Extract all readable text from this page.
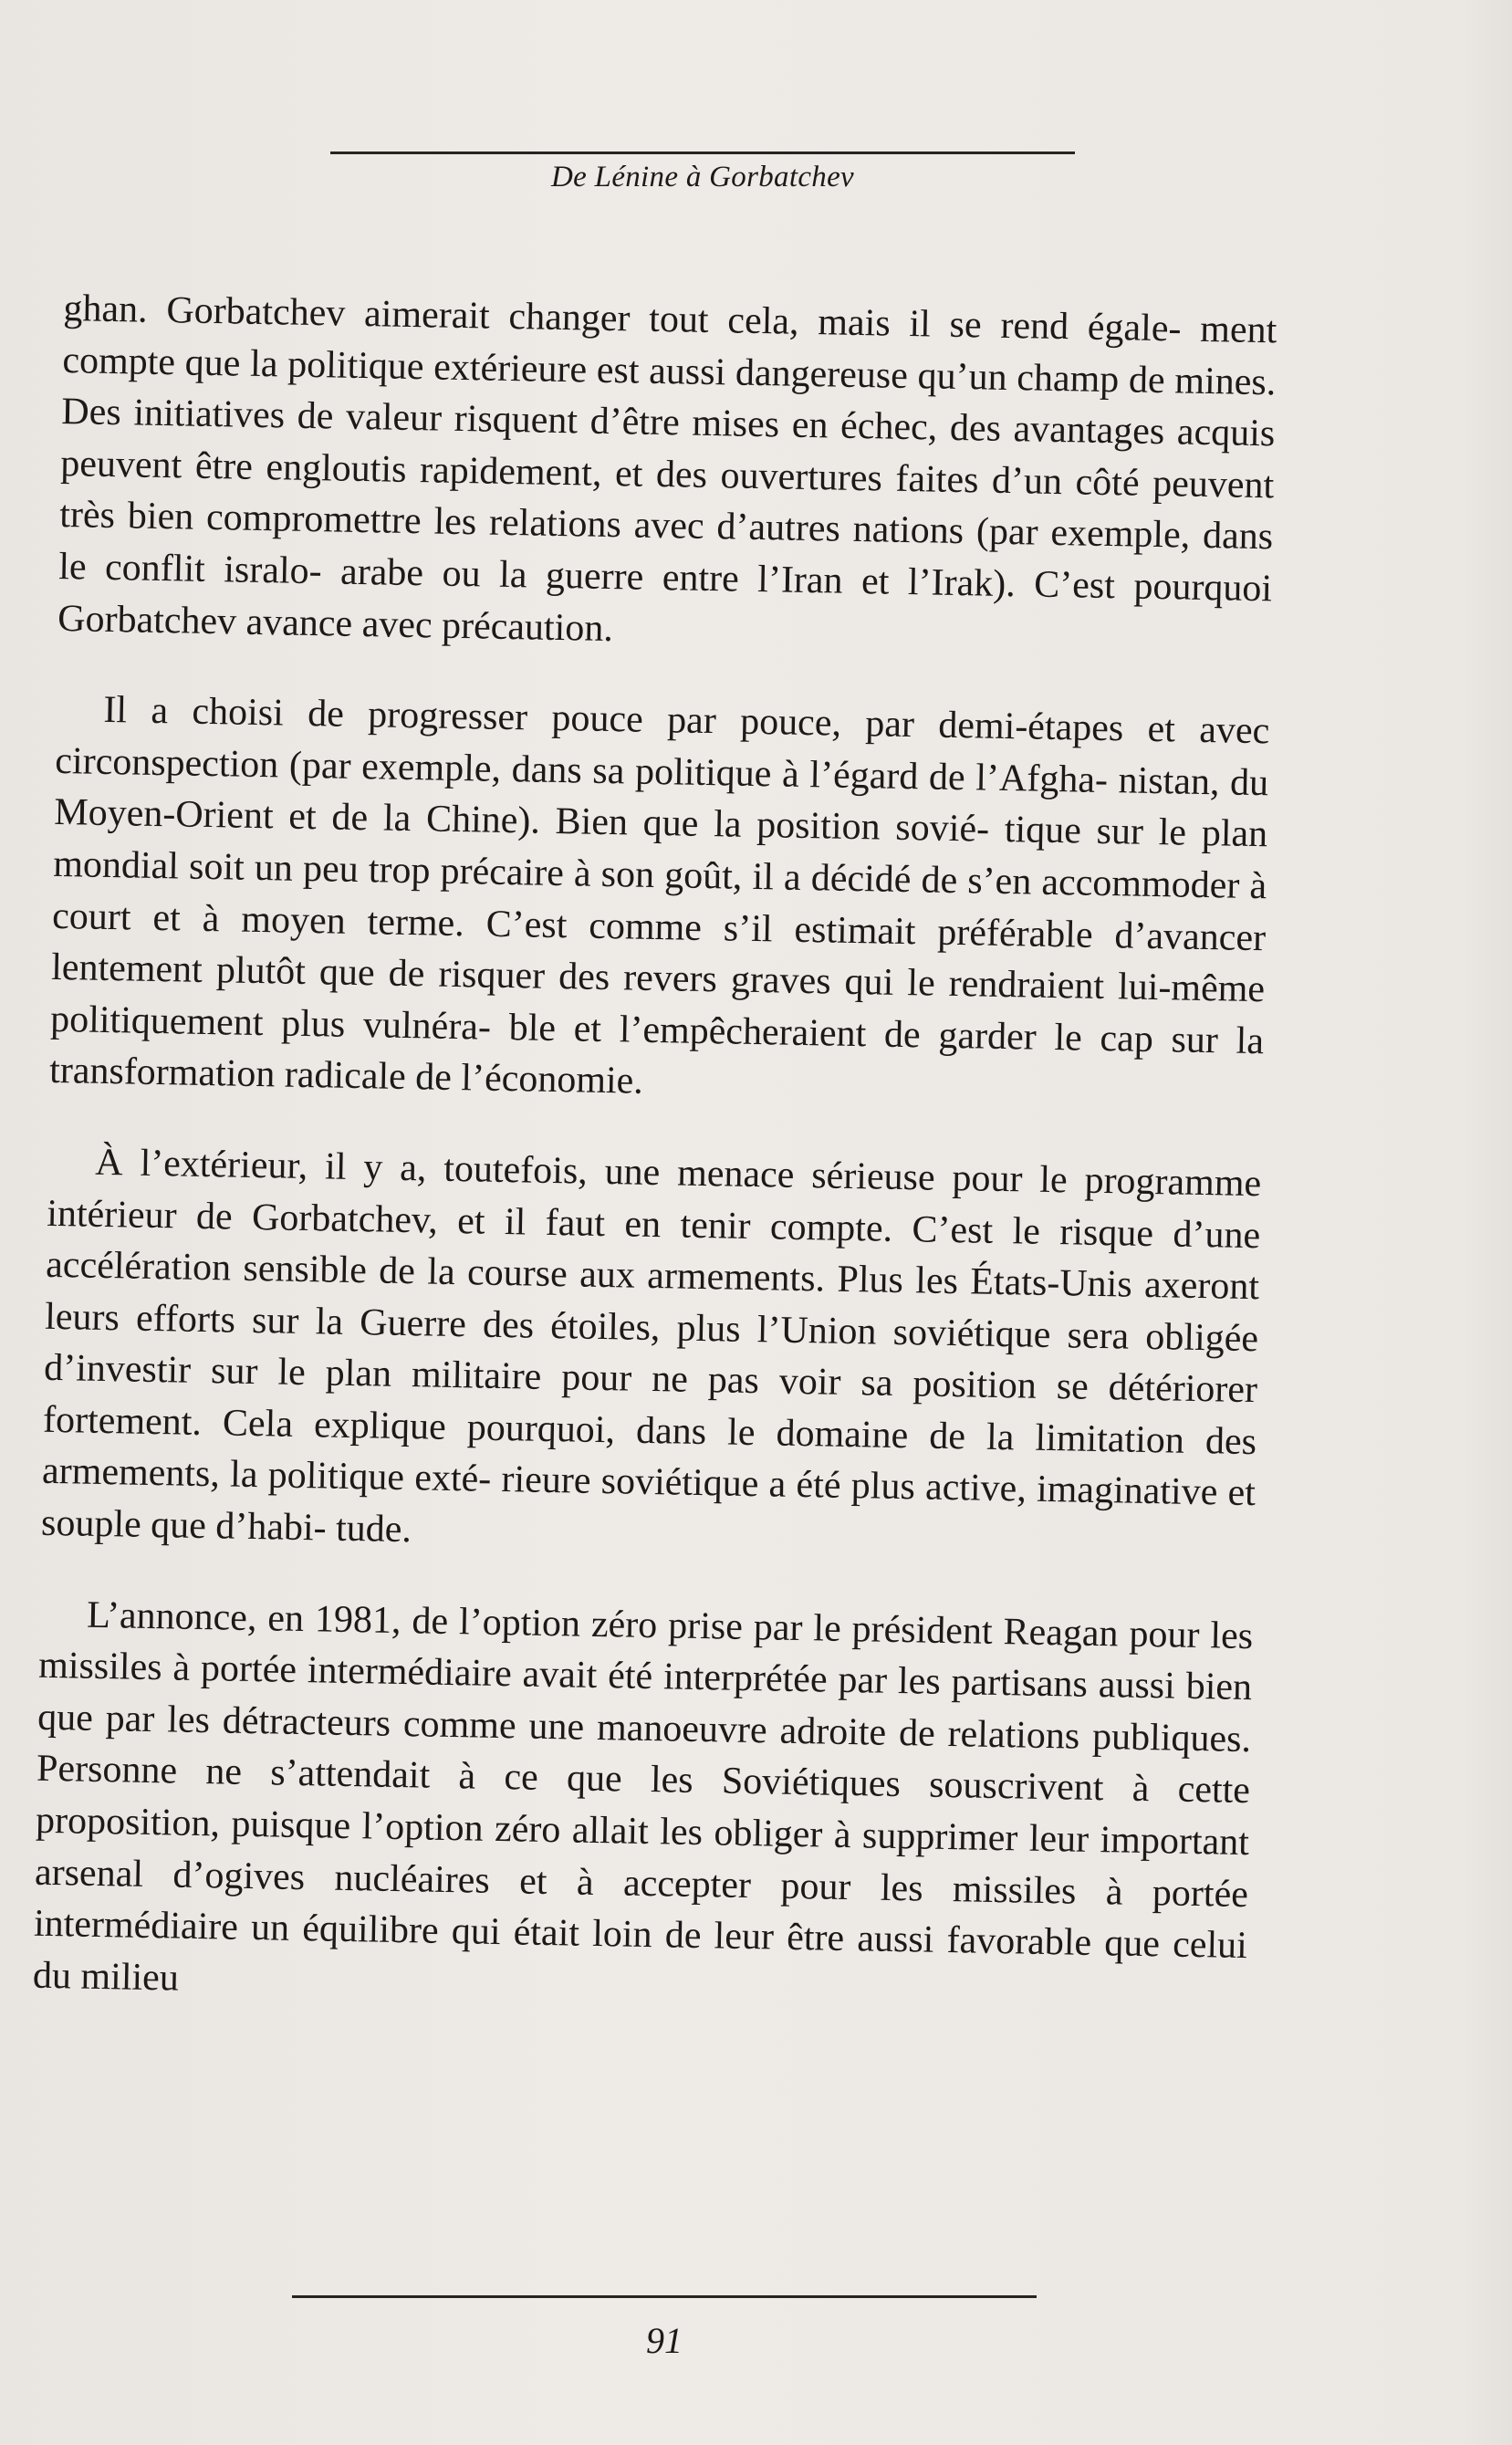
De Lénine à Gorbatchev

ghan. Gorbatchev aimerait changer tout cela, mais il se rend égale- ment compte que la politique extérieure est aussi dangereuse qu’un champ de mines. Des initiatives de valeur risquent d’être mises en échec, des avantages acquis peuvent être engloutis rapidement, et des ouvertures faites d’un côté peuvent très bien compromettre les relations avec d’autres nations (par exemple, dans le conflit isralo- arabe ou la guerre entre l’Iran et l’Irak). C’est pourquoi Gorbatchev avance avec précaution.

Il a choisi de progresser pouce par pouce, par demi-étapes et avec circonspection (par exemple, dans sa politique à l’égard de l’Afgha- nistan, du Moyen-Orient et de la Chine). Bien que la position sovié- tique sur le plan mondial soit un peu trop précaire à son goût, il a décidé de s’en accommoder à court et à moyen terme. C’est comme s’il estimait préférable d’avancer lentement plutôt que de risquer des revers graves qui le rendraient lui-même politiquement plus vulnéra- ble et l’empêcheraient de garder le cap sur la transformation radicale de l’économie.

À l’extérieur, il y a, toutefois, une menace sérieuse pour le programme intérieur de Gorbatchev, et il faut en tenir compte. C’est le risque d’une accélération sensible de la course aux armements. Plus les États-Unis axeront leurs efforts sur la Guerre des étoiles, plus l’Union soviétique sera obligée d’investir sur le plan militaire pour ne pas voir sa position se détériorer fortement. Cela explique pourquoi, dans le domaine de la limitation des armements, la politique exté- rieure soviétique a été plus active, imaginative et souple que d’habi- tude.

L’annonce, en 1981, de l’option zéro prise par le président Reagan pour les missiles à portée intermédiaire avait été interprétée par les partisans aussi bien que par les détracteurs comme une manoeuvre adroite de relations publiques. Personne ne s’attendait à ce que les Soviétiques souscrivent à cette proposition, puisque l’option zéro allait les obliger à supprimer leur important arsenal d’ogives nucléaires et à accepter pour les missiles à portée intermédiaire un équilibre qui était loin de leur être aussi favorable que celui du milieu

91
